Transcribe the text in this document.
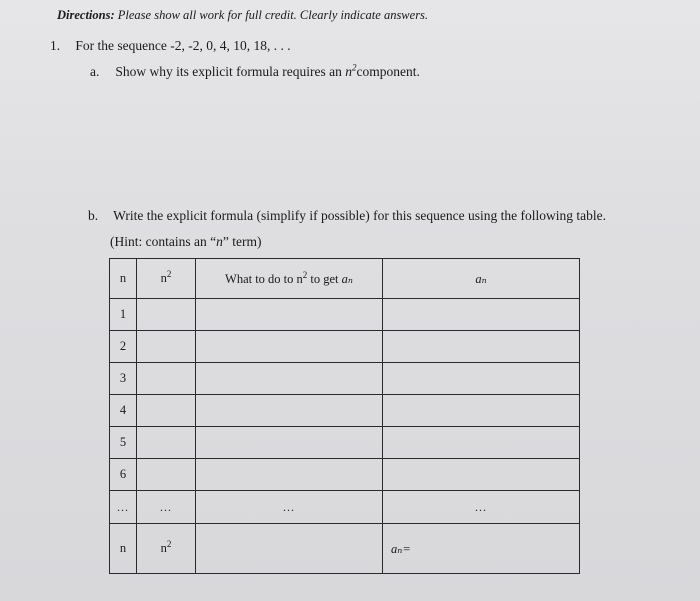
Directions: Please show all work for full credit. Clearly indicate answers.
1. For the sequence -2, -2, 0, 4, 10, 18, . . .
a. Show why its explicit formula requires an $n^2component$.
b. Write the explicit formula (simplify if possible) for this sequence using the following table.
(Hint: contains an “n” term)
n	$n^2$	What to do to $n^2$ to get aₙ	aₙ
1			
2			
3			
4			
5			
6			
...	...	...	...
n	$n^2$		aₙ=
